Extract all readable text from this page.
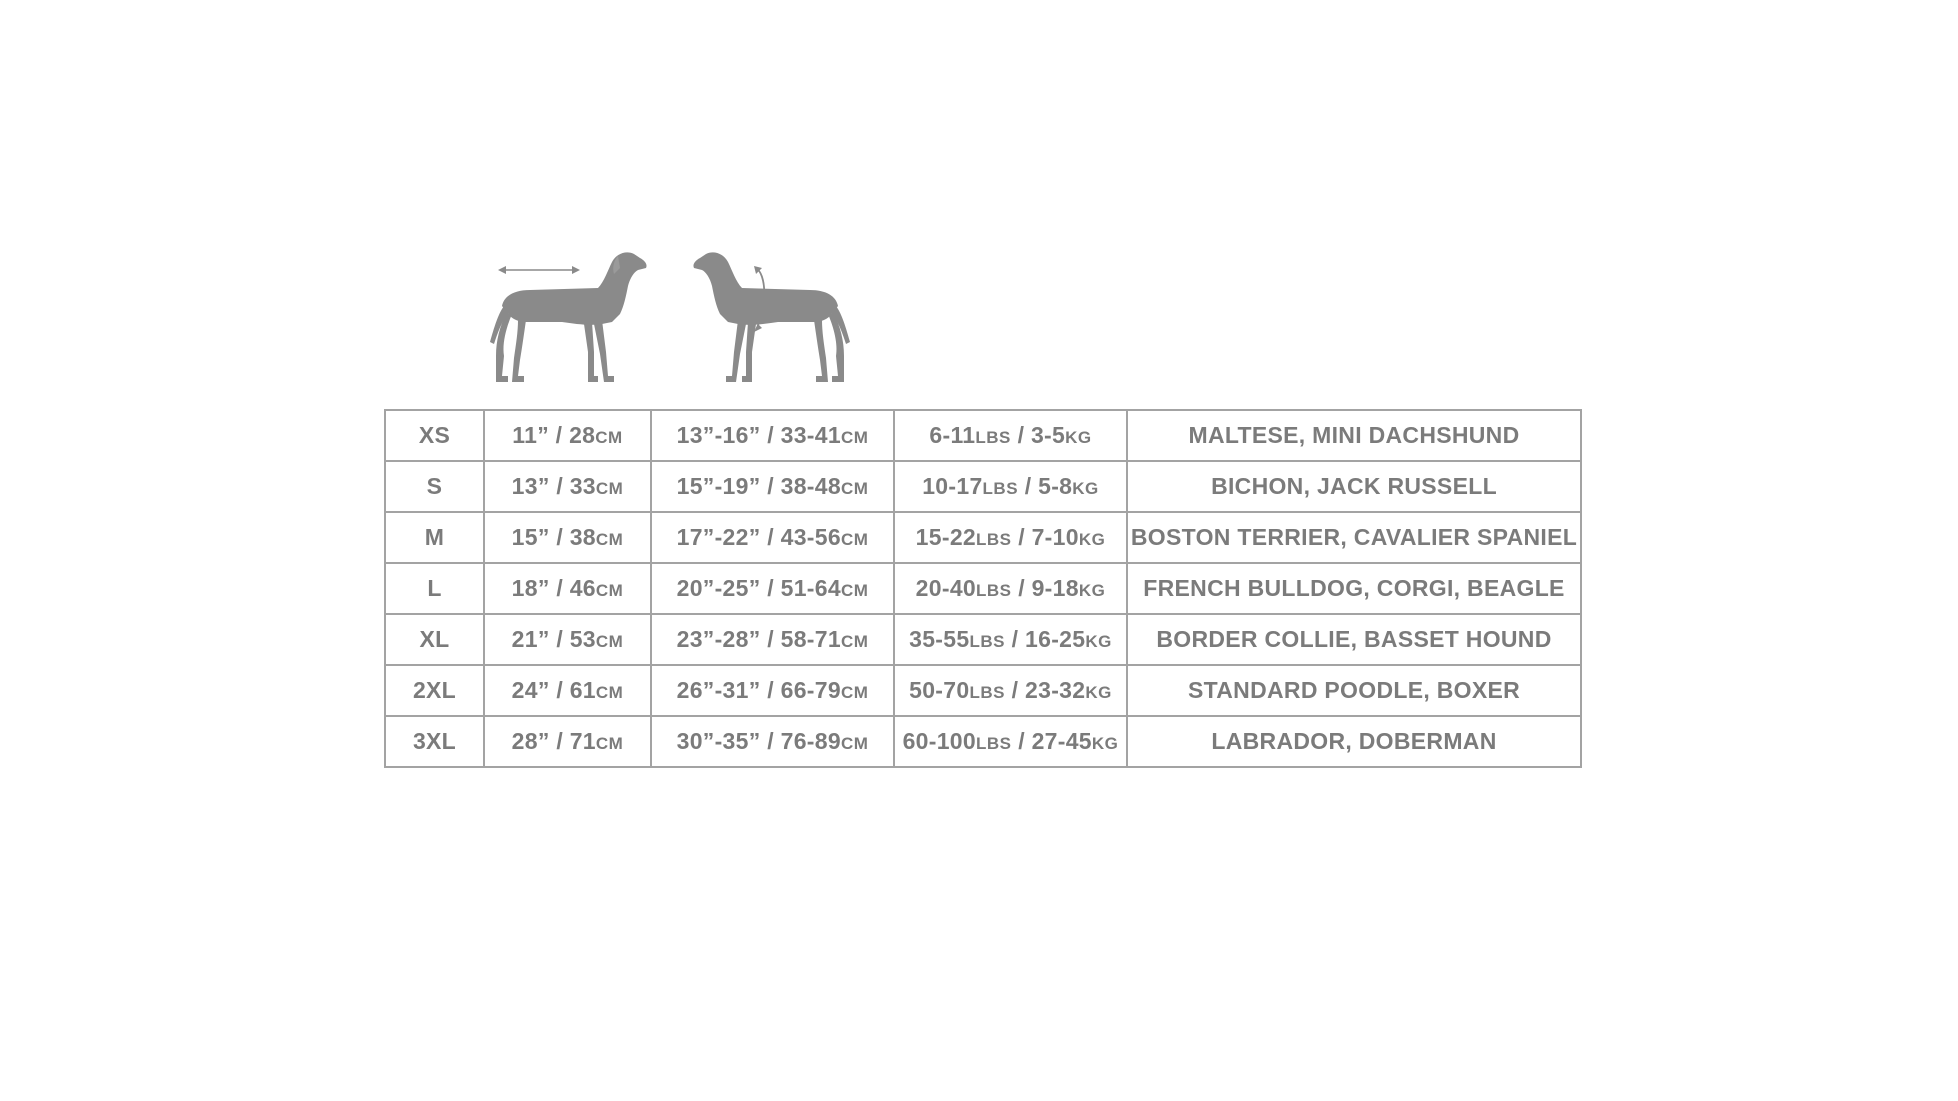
XS	11” / 28CM	13”-16” / 33-41CM	6-11LBS / 3-5KG	MALTESE, MINI DACHSHUND
S	13” / 33CM	15”-19” / 38-48CM	10-17LBS / 5-8KG	BICHON, JACK RUSSELL
M	15” / 38CM	17”-22” / 43-56CM	15-22LBS / 7-10KG	BOSTON TERRIER, CAVALIER SPANIEL
L	18” / 46CM	20”-25” / 51-64CM	20-40LBS / 9-18KG	FRENCH BULLDOG, CORGI, BEAGLE
XL	21” / 53CM	23”-28” / 58-71CM	35-55LBS / 16-25KG	BORDER COLLIE, BASSET HOUND
2XL	24” / 61CM	26”-31” / 66-79CM	50-70LBS / 23-32KG	STANDARD POODLE, BOXER
3XL	28” / 71CM	30”-35” / 76-89CM	60-100LBS / 27-45KG	LABRADOR, DOBERMAN
